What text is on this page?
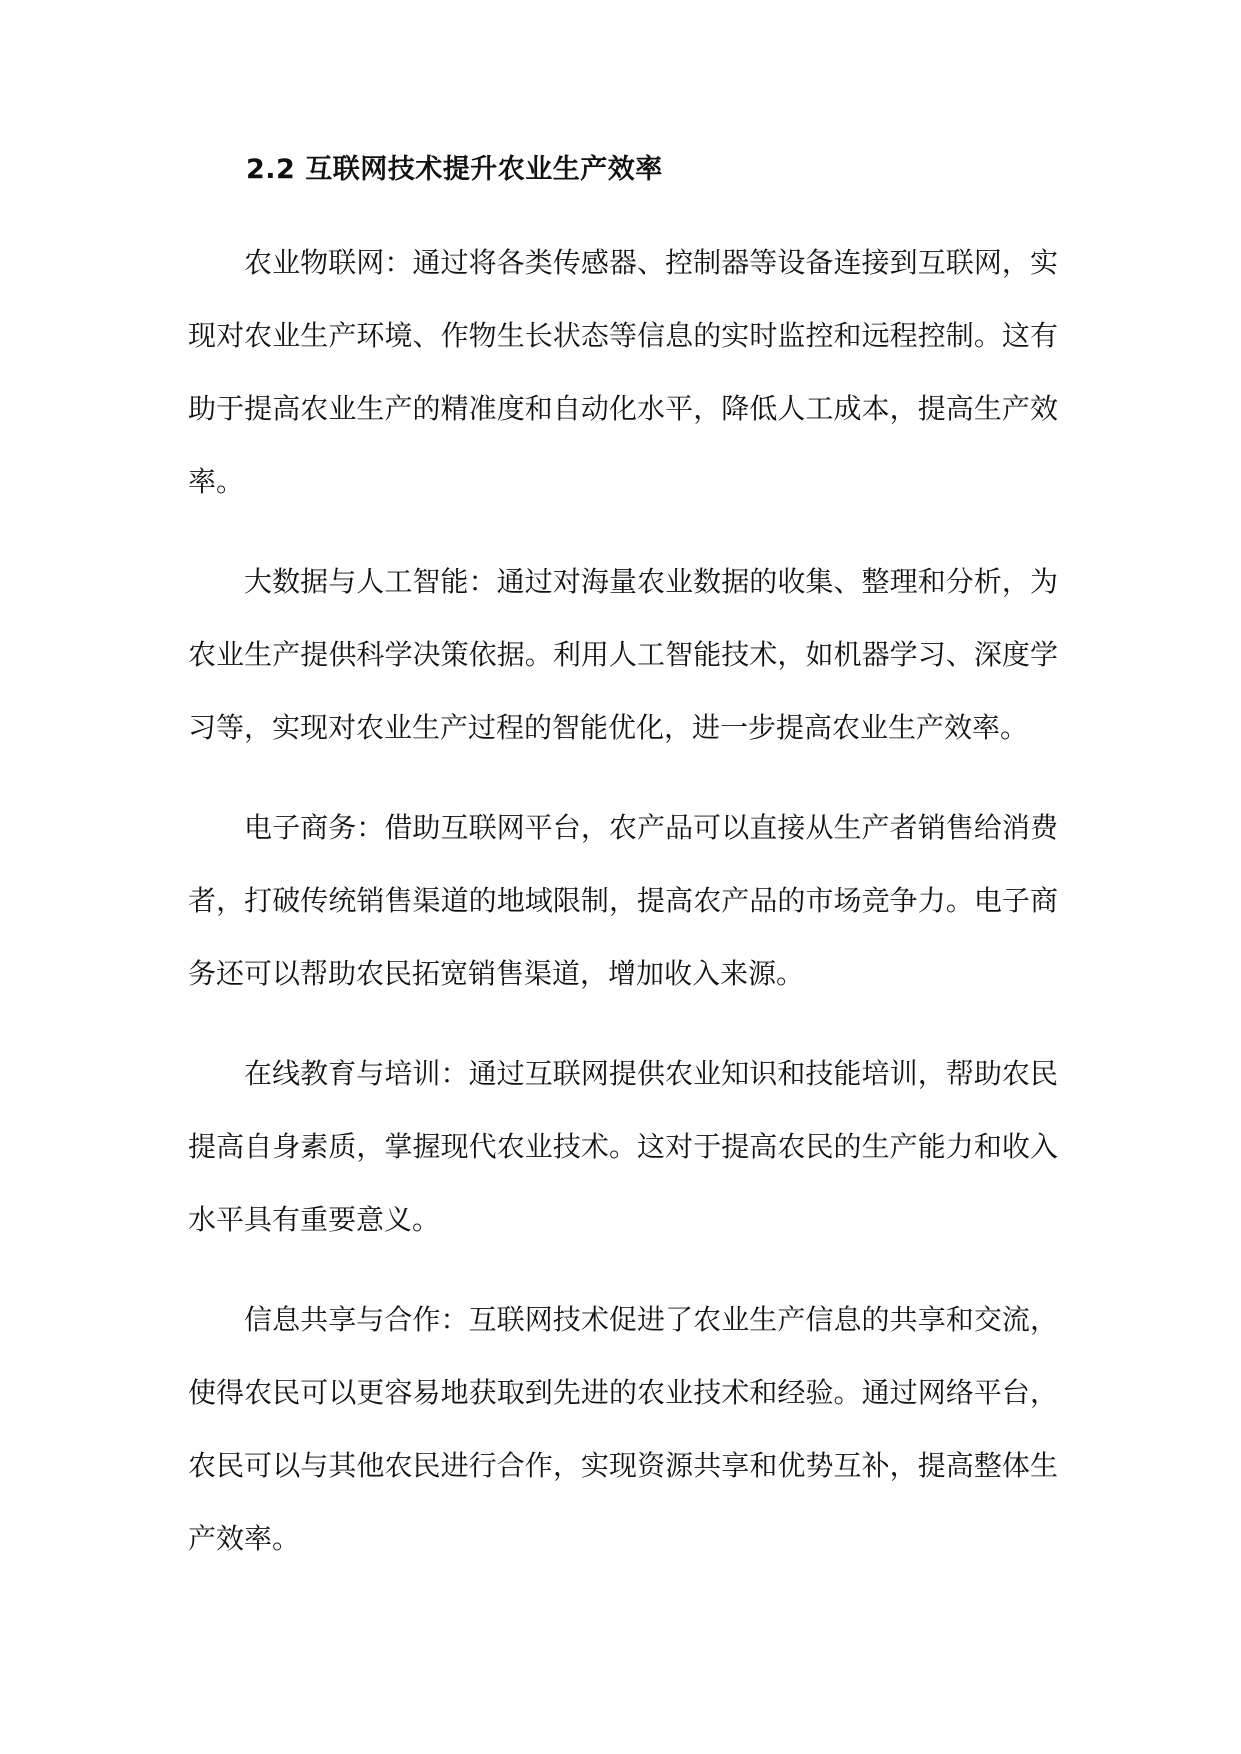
2.2 互联网技术提升农业生产效率

农业物联网：通过将各类传感器、控制器等设备连接到互联网，实现对农业生产环境、作物生长状态等信息的实时监控和远程控制。这有助于提高农业生产的精准度和自动化水平，降低人工成本，提高生产效率。

大数据与人工智能：通过对海量农业数据的收集、整理和分析，为农业生产提供科学决策依据。利用人工智能技术，如机器学习、深度学习等，实现对农业生产过程的智能优化，进一步提高农业生产效率。

电子商务：借助互联网平台，农产品可以直接从生产者销售给消费者，打破传统销售渠道的地域限制，提高农产品的市场竞争力。电子商务还可以帮助农民拓宽销售渠道，增加收入来源。

在线教育与培训：通过互联网提供农业知识和技能培训，帮助农民提高自身素质，掌握现代农业技术。这对于提高农民的生产能力和收入水平具有重要意义。

信息共享与合作：互联网技术促进了农业生产信息的共享和交流，使得农民可以更容易地获取到先进的农业技术和经验。通过网络平台，农民可以与其他农民进行合作，实现资源共享和优势互补，提高整体生产效率。
